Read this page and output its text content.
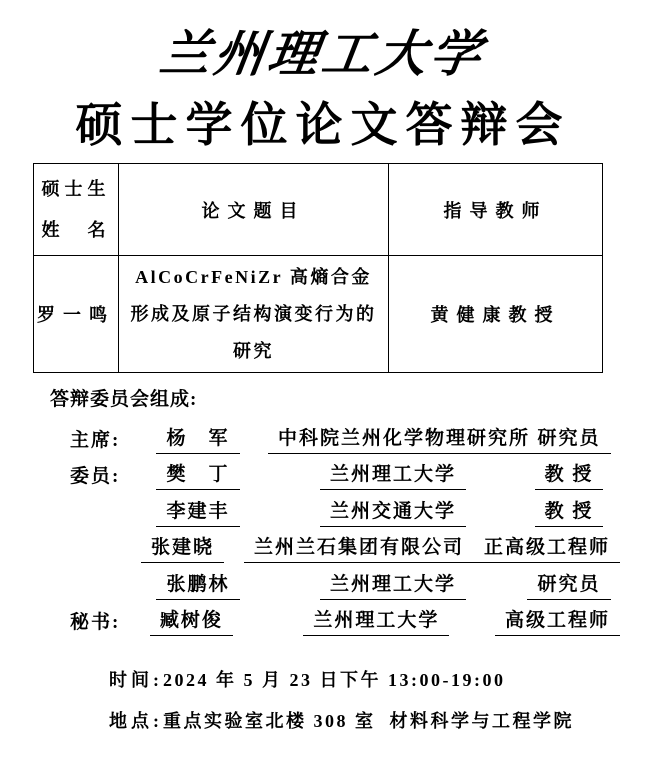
兰州理工大学
硕士学位论文答辩会
硕士生
姓　名	论文题目	指导教师
罗一鸣	AlCoCrFeNiZr 高熵合金形成及原子结构演变行为的研究	黄健康教授
答辩委员会组成:
主席:	杨　军	中科院兰州化学物理研究所 研究员
委员:	樊　丁	兰州理工大学	教 授
李建丰	兰州交通大学	教 授
张建晓	兰州兰石集团有限公司	正高级工程师
张鹏林	兰州理工大学	研究员
秘书:	臧树俊	兰州理工大学	高级工程师

时间:2024 年 5 月 23 日下午 13:00-19:00

地点:重点实验室北楼 308 室  材料科学与工程学院
